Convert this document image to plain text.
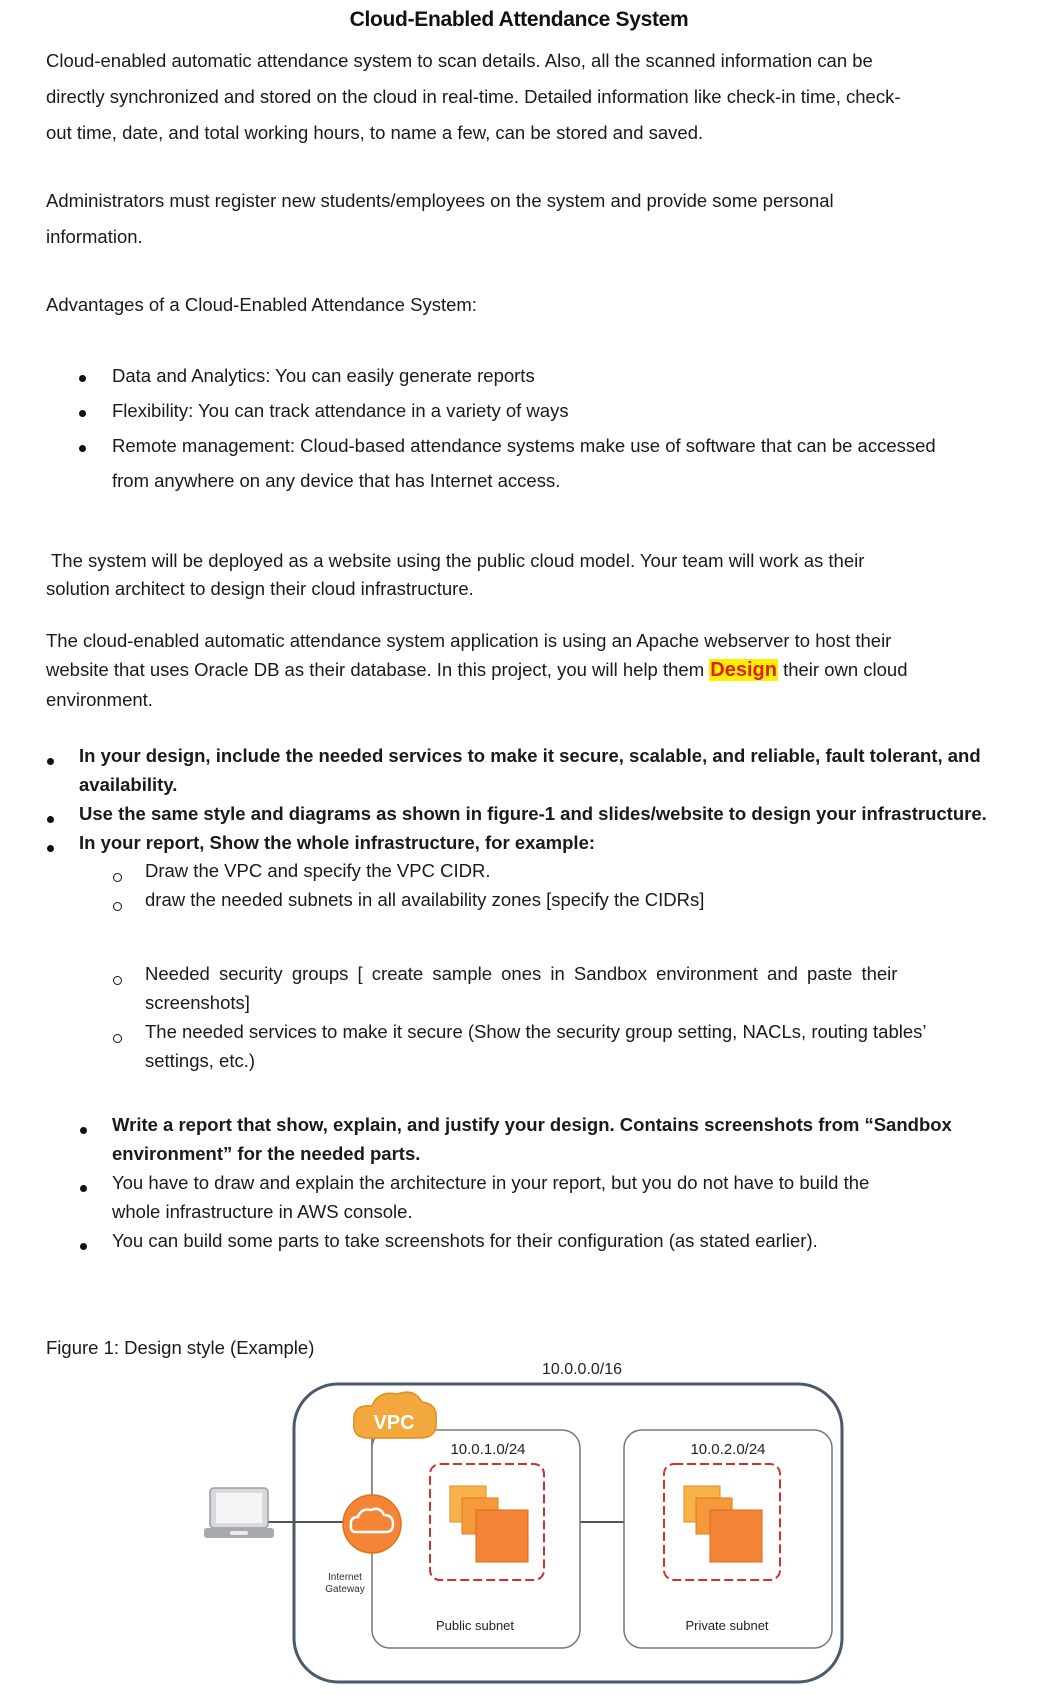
Cloud-Enabled Attendance System
Cloud-enabled automatic attendance system to scan details. Also, all the scanned information can be
directly synchronized and stored on the cloud in real-time. Detailed information like check-in time, check-
out time, date, and total working hours, to name a few, can be stored and saved.
Administrators must register new students/employees on the system and provide some personal
information.
Advantages of a Cloud-Enabled Attendance System:
Data and Analytics: You can easily generate reports
Flexibility: You can track attendance in a variety of ways
Remote management: Cloud-based attendance systems make use of software that can be accessed
from anywhere on any device that has Internet access.
The system will be deployed as a website using the public cloud model. Your team will work as their
solution architect to design their cloud infrastructure.
The cloud-enabled automatic attendance system application is using an Apache webserver to host their
website that uses Oracle DB as their database. In this project, you will help them Design their own cloud
environment.
In your design, include the needed services to make it secure, scalable, and reliable, fault tolerant, and
availability.
Use the same style and diagrams as shown in figure-1 and slides/website to design your infrastructure.
In your report, Show the whole infrastructure, for example:
Draw the VPC and specify the VPC CIDR.
draw the needed subnets in all availability zones [specify the CIDRs]
Needed security groups [ create sample ones in Sandbox environment and paste their
screenshots]
The needed services to make it secure (Show the security group setting, NACLs, routing tables’
settings, etc.)
Write a report that show, explain, and justify your design. Contains screenshots from “Sandbox
environment” for the needed parts.
You have to draw and explain the architecture in your report, but you do not have to build the
whole infrastructure in AWS console.
You can build some parts to take screenshots for their configuration (as stated earlier).
Figure 1: Design style (Example)
10.0.0.0/16
10.0.1.0/24
Public subnet
10.0.2.0/24
Private subnet
VPC
Internet
Gateway
